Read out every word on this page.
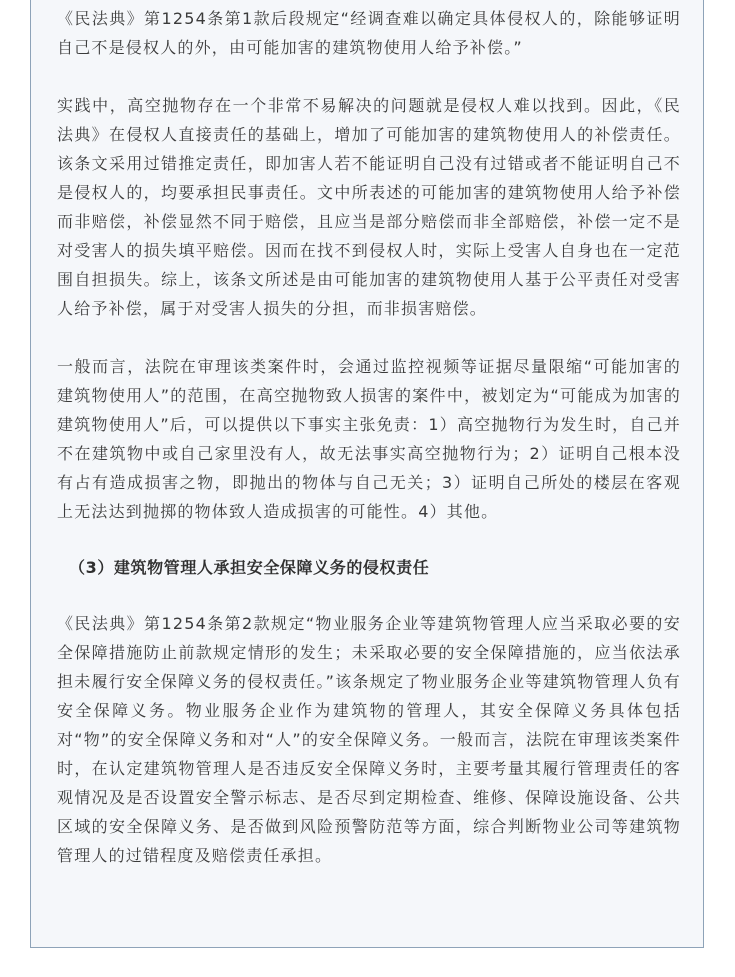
《民法典》第1254条第1款后段规定“经调查难以确定具体侵权人的，除能够证明自己不是侵权人的外，由可能加害的建筑物使用人给予补偿。”

实践中，高空抛物存在一个非常不易解决的问题就是侵权人难以找到。因此，《民法典》在侵权人直接责任的基础上，增加了可能加害的建筑物使用人的补偿责任。该条文采用过错推定责任，即加害人若不能证明自己没有过错或者不能证明自己不是侵权人的，均要承担民事责任。文中所表述的可能加害的建筑物使用人给予补偿而非赔偿，补偿显然不同于赔偿，且应当是部分赔偿而非全部赔偿，补偿一定不是对受害人的损失填平赔偿。因而在找不到侵权人时，实际上受害人自身也在一定范围自担损失。综上，该条文所述是由可能加害的建筑物使用人基于公平责任对受害人给予补偿，属于对受害人损失的分担，而非损害赔偿。

一般而言，法院在审理该类案件时，会通过监控视频等证据尽量限缩“可能加害的建筑物使用人”的范围，在高空抛物致人损害的案件中，被划定为“可能成为加害的建筑物使用人”后，可以提供以下事实主张免责：1）高空抛物行为发生时，自己并不在建筑物中或自己家里没有人，故无法事实高空抛物行为；2）证明自己根本没有占有造成损害之物，即抛出的物体与自己无关；3）证明自己所处的楼层在客观上无法达到抛掷的物体致人造成损害的可能性。4）其他。

（3）建筑物管理人承担安全保障义务的侵权责任

《民法典》第1254条第2款规定“物业服务企业等建筑物管理人应当采取必要的安全保障措施防止前款规定情形的发生；未采取必要的安全保障措施的，应当依法承担未履行安全保障义务的侵权责任。”该条规定了物业服务企业等建筑物管理人负有安全保障义务。物业服务企业作为建筑物的管理人，其安全保障义务具体包括对“物”的安全保障义务和对“人”的安全保障义务。一般而言，法院在审理该类案件时，在认定建筑物管理人是否违反安全保障义务时，主要考量其履行管理责任的客观情况及是否设置安全警示标志、是否尽到定期检查、维修、保障设施设备、公共区域的安全保障义务、是否做到风险预警防范等方面，综合判断物业公司等建筑物管理人的过错程度及赔偿责任承担。
